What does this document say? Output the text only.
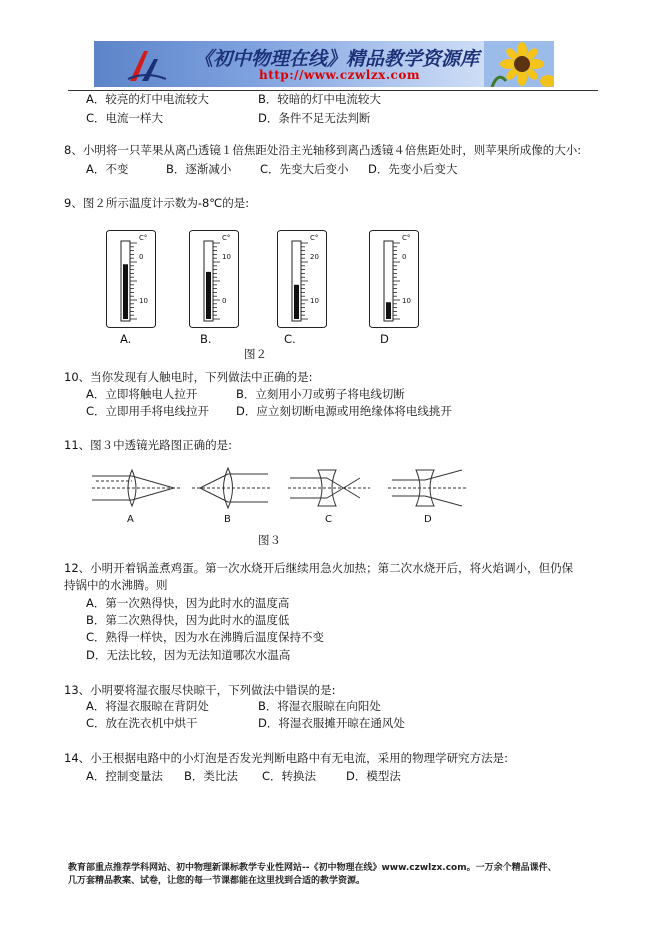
《初中物理在线》精品教学资源库
http://www.czwlzx.com
A．较亮的灯中电流较大	B．较暗的灯中电流较大
C．电流一样大	D．条件不足无法判断
8、小明将一只苹果从离凸透镜１倍焦距处沿主光轴移到离凸透镜４倍焦距处时，则苹果所成像的大小:
A．不变	B．逐渐减小 C．先变大后变小 D．先变小后变大
9、图２所示温度计示数为-8℃的是:
C°
0
10
C°
10
0
C°
20
10
C°
0
10
A.	B.	C.	D
图２
10、当你发现有人触电时，下列做法中正确的是:
A．立即将触电人拉开	B．立刻用小刀或剪子将电线切断
C．立即用手将电线拉开 D．应立刻切断电源或用绝缘体将电线挑开
11、图３中透镜光路图正确的是:
A	B	C	D
图３
12、小明开着锅盖煮鸡蛋。第一次水烧开后继续用急火加热；第二次水烧开后，将火焰调小，但仍保
持锅中的水沸腾。则
A．第一次熟得快，因为此时水的温度高
B．第二次熟得快，因为此时水的温度低
C．熟得一样快，因为水在沸腾后温度保持不变
D．无法比较，因为无法知道哪次水温高
13、小明要将湿衣服尽快晾干，下列做法中错误的是:
A．将湿衣服晾在背阴处	B．将湿衣服晾在向阳处
C．放在洗衣机中烘干	D．将湿衣服摊开晾在通风处
14、小王根据电路中的小灯泡是否发光判断电路中有无电流，采用的物理学研究方法是:
A．控制变量法 B．类比法 C．转换法	D．模型法
教育部重点推荐学科网站、初中物理新课标教学专业性网站--《初中物理在线》www.czwlzx.com。一万余个精品课件、
几万套精品教案、试卷，让您的每一节课都能在这里找到合适的教学资源。
